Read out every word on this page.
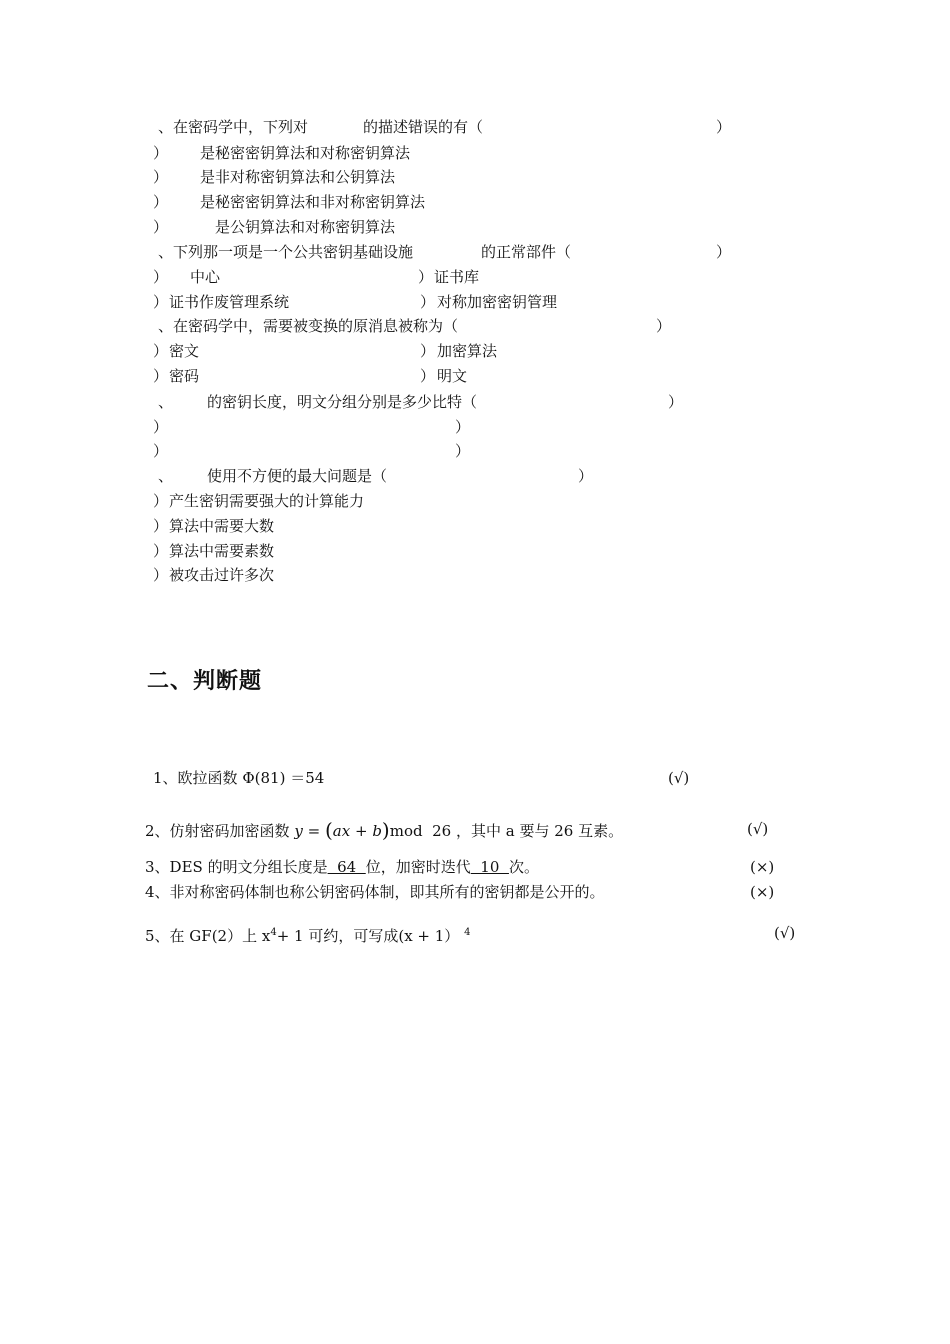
、在密码学中，下列对	的描述错误的有（	）
） 是秘密密钥算法和对称密钥算法
） 是非对称密钥算法和公钥算法
） 是秘密密钥算法和非对称密钥算法
）	是公钥算法和对称密钥算法
、下列那一项是一个公共密钥基础设施	的正常部件（	）
） 中心	） 证书库
） 证书作废管理系统	） 对称加密密钥管理
、在密码学中，需要被变换的原消息被称为（	）
） 密文	） 加密算法
） 密码	） 明文
、 的密钥长度，明文分组分别是多少比特（	）
）	）
）	）
、 使用不方便的最大问题是（	）
） 产生密钥需要强大的计算能力
） 算法中需要大数
） 算法中需要素数
） 被攻击过许多次
二、判断题
1、欧拉函数 Φ(81) ＝54	(√)
2、仿射密码加密函数 y = (ax + b)mod 26 ，其中 a 要与 26 互素。	(√)
3、DES 的明文分组长度是  64  位，加密时迭代  10  次。	(×)
4、非对称密码体制也称公钥密码体制，即其所有的密钥都是公开的。	(×)
5、在 GF(2）上 $x^4+ 1$ 可约，可写成(x + 1） $^4$	(√)
